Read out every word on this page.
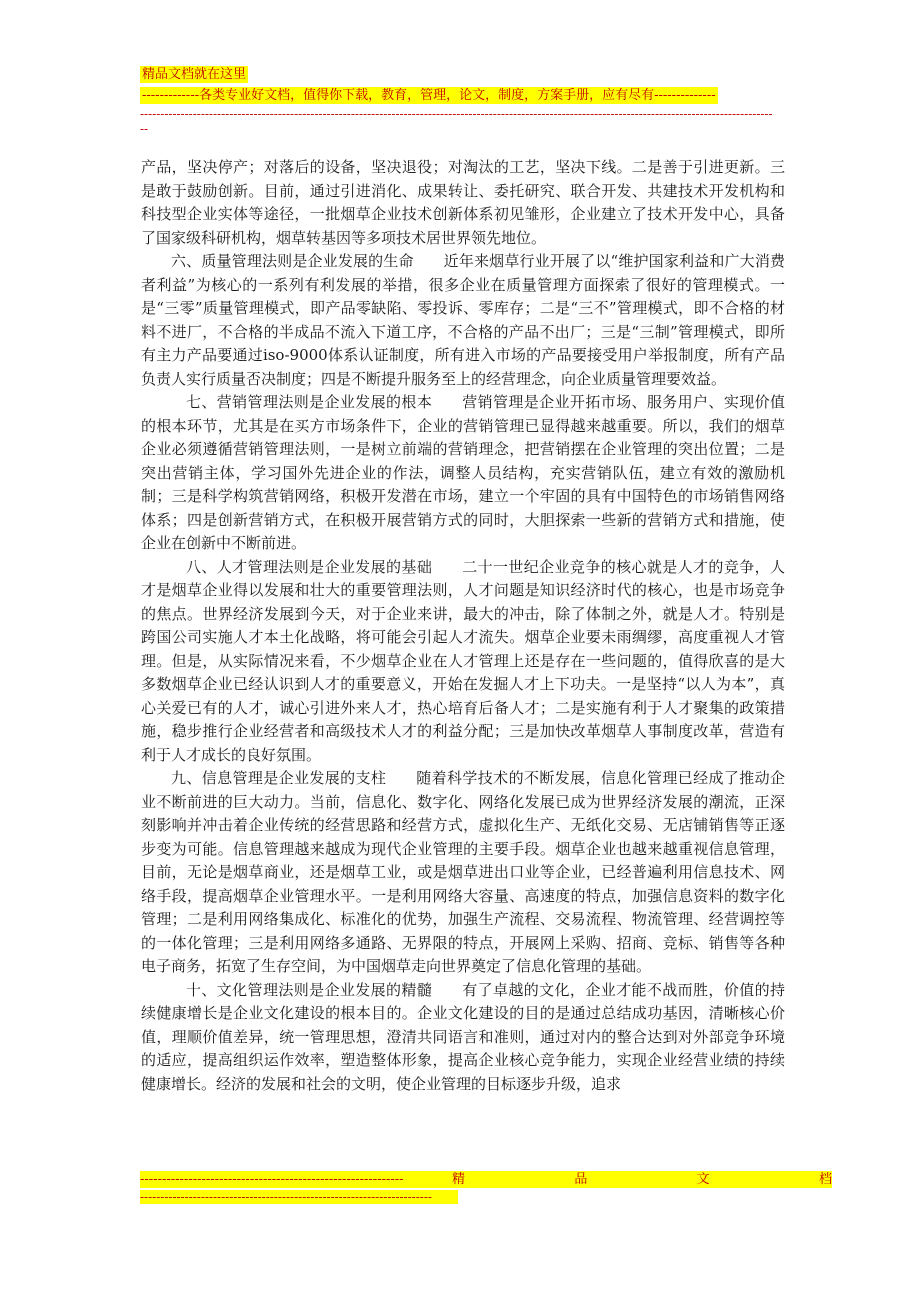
精品文档就在这里
-------------各类专业好文档，值得你下载，教育，管理，论文，制度，方案手册，应有尽有--------------
------------------------------------------------------------------------------------------------------------------------------------------------------------
--

产品，坚决停产；对落后的设备，坚决退役；对淘汰的工艺，坚决下线。二是善于引进更新。三是敢于鼓励创新。目前，通过引进消化、成果转让、委托研究、联合开发、共建技术开发机构和科技型企业实体等途径，一批烟草企业技术创新体系初见雏形，企业建立了技术开发中心，具备了国家级科研机构，烟草转基因等多项技术居世界领先地位。

六、质量管理法则是企业发展的生命 近年来烟草行业开展了以“维护国家利益和广大消费者利益”为核心的一系列有利发展的举措，很多企业在质量管理方面探索了很好的管理模式。一是“三零”质量管理模式，即产品零缺陷、零投诉、零库存；二是“三不”管理模式，即不合格的材料不进厂，不合格的半成品不流入下道工序，不合格的产品不出厂；三是“三制”管理模式，即所有主力产品要通过iso-9000体系认证制度，所有进入市场的产品要接受用户举报制度，所有产品负责人实行质量否决制度；四是不断提升服务至上的经营理念，向企业质量管理要效益。

七、营销管理法则是企业发展的根本 营销管理是企业开拓市场、服务用户、实现价值的根本环节，尤其是在买方市场条件下，企业的营销管理已显得越来越重要。所以，我们的烟草企业必须遵循营销管理法则，一是树立前端的营销理念，把营销摆在企业管理的突出位置；二是突出营销主体，学习国外先进企业的作法，调整人员结构，充实营销队伍，建立有效的激励机制；三是科学构筑营销网络，积极开发潜在市场，建立一个牢固的具有中国特色的市场销售网络体系；四是创新营销方式，在积极开展营销方式的同时，大胆探索一些新的营销方式和措施，使企业在创新中不断前进。

八、人才管理法则是企业发展的基础 二十一世纪企业竞争的核心就是人才的竞争，人才是烟草企业得以发展和壮大的重要管理法则，人才问题是知识经济时代的核心，也是市场竞争的焦点。世界经济发展到今天，对于企业来讲，最大的冲击，除了体制之外，就是人才。特别是跨国公司实施人才本土化战略，将可能会引起人才流失。烟草企业要未雨绸缪，高度重视人才管理。但是，从实际情况来看，不少烟草企业在人才管理上还是存在一些问题的，值得欣喜的是大多数烟草企业已经认识到人才的重要意义，开始在发掘人才上下功夫。一是坚持“以人为本”，真心关爱已有的人才，诚心引进外来人才，热心培育后备人才；二是实施有利于人才聚集的政策措施，稳步推行企业经营者和高级技术人才的利益分配；三是加快改革烟草人事制度改革，营造有利于人才成长的良好氛围。

九、信息管理是企业发展的支柱 随着科学技术的不断发展，信息化管理已经成了推动企业不断前进的巨大动力。当前，信息化、数字化、网络化发展已成为世界经济发展的潮流，正深刻影响并冲击着企业传统的经营思路和经营方式，虚拟化生产、无纸化交易、无店铺销售等正逐步变为可能。信息管理越来越成为现代企业管理的主要手段。烟草企业也越来越重视信息管理，目前，无论是烟草商业，还是烟草工业，或是烟草进出口业等企业，已经普遍利用信息技术、网络手段，提高烟草企业管理水平。一是利用网络大容量、高速度的特点，加强信息资料的数字化管理；二是利用网络集成化、标准化的优势，加强生产流程、交易流程、物流管理、经营调控等的一体化管理；三是利用网络多通路、无界限的特点，开展网上采购、招商、竞标、销售等各种电子商务，拓宽了生存空间，为中国烟草走向世界奠定了信息化管理的基础。

十、文化管理法则是企业发展的精髓 有了卓越的文化，企业才能不战而胜，价值的持续健康增长是企业文化建设的根本目的。企业文化建设的目的是通过总结成功基因，清晰核心价值，理顺价值差异，统一管理思想，澄清共同语言和准则，通过对内的整合达到对外部竞争环境的适应，提高组织运作效率，塑造整体形象，提高企业核心竞争能力，实现企业经营业绩的持续健康增长。经济的发展和社会的文明，使企业管理的目标逐步升级，追求

------------------------------------------------------------	精	品	文	档
------------------------------------------------------------------------
